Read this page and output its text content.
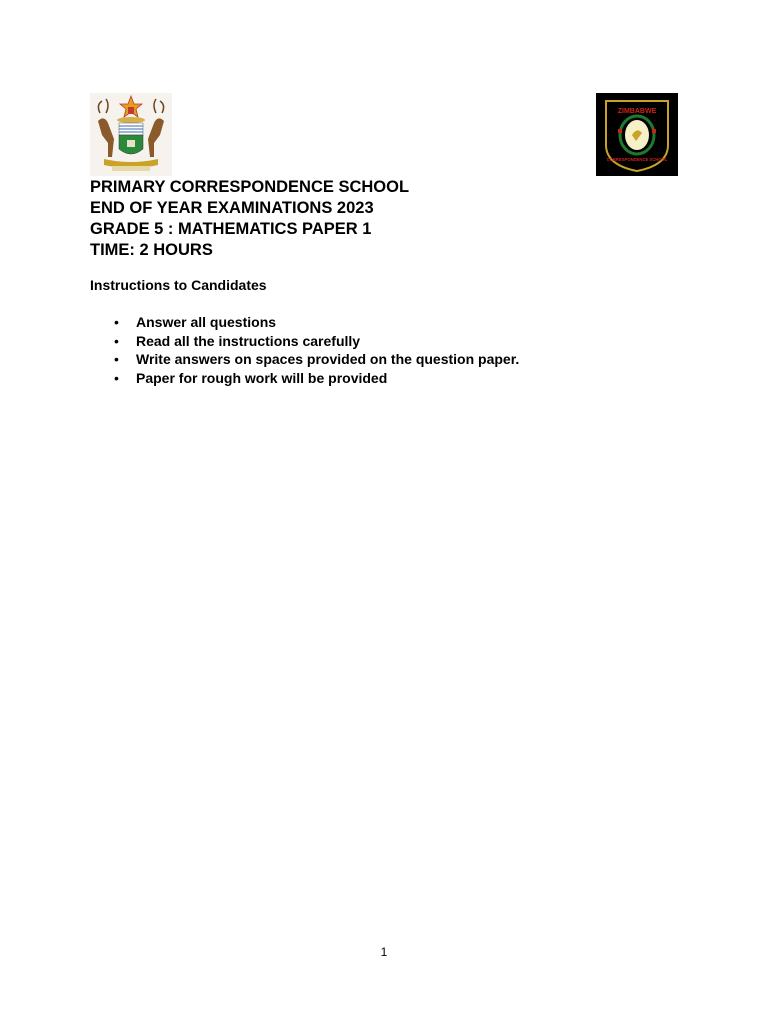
ZIMBABWE
CORRESPONDENCE SCHOOL
PRIMARY CORRESPONDENCE SCHOOL
END OF YEAR EXAMINATIONS 2023
GRADE 5 : MATHEMATICS PAPER 1
TIME: 2 HOURS
Instructions to Candidates
• Answer all questions
• Read all the instructions carefully
• Write answers on spaces provided on the question paper.
• Paper for rough work will be provided
1
